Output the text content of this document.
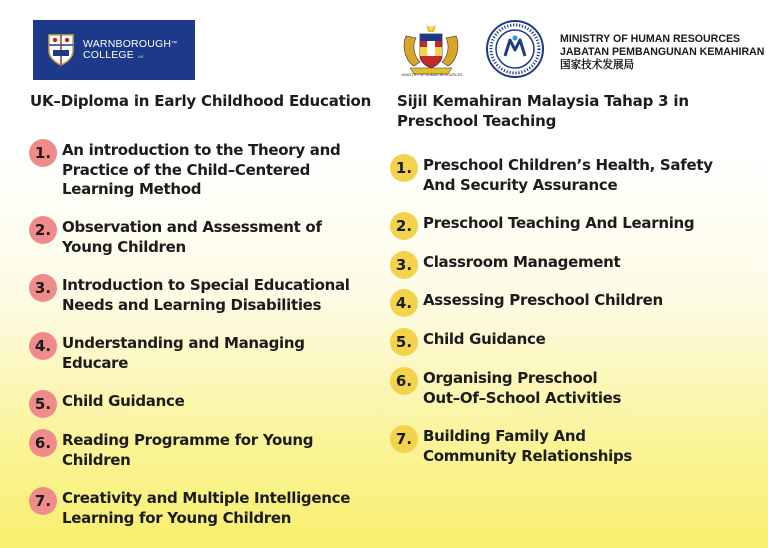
WARNBOROUGH™
COLLEGE UK
MINISTRY OF HUMAN RESOURCES
MINISTRY OF HUMAN RESOURCES
JABATAN PEMBANGUNAN KEMAHIRAN
国家技术发展局
UK–Diploma in Early Childhood Education Sijil Kemahiran Malaysia Tahap 3 in
Preschool Teaching
1. An introduction to the Theory and
Practice of the Child–Centered
Learning Method
2. Observation and Assessment of
Young Children
3. Introduction to Special Educational
Needs and Learning Disabilities
4. Understanding and Managing
Educare
5. Child Guidance
6. Reading Programme for Young
Children
7. Creativity and Multiple Intelligence
Learning for Young Children
1. Preschool Children’s Health, Safety
And Security Assurance
2. Preschool Teaching And Learning
3. Classroom Management
4. Assessing Preschool Children
5. Child Guidance
6. Organising Preschool
Out–Of–School Activities
7. Building Family And
Community Relationships
